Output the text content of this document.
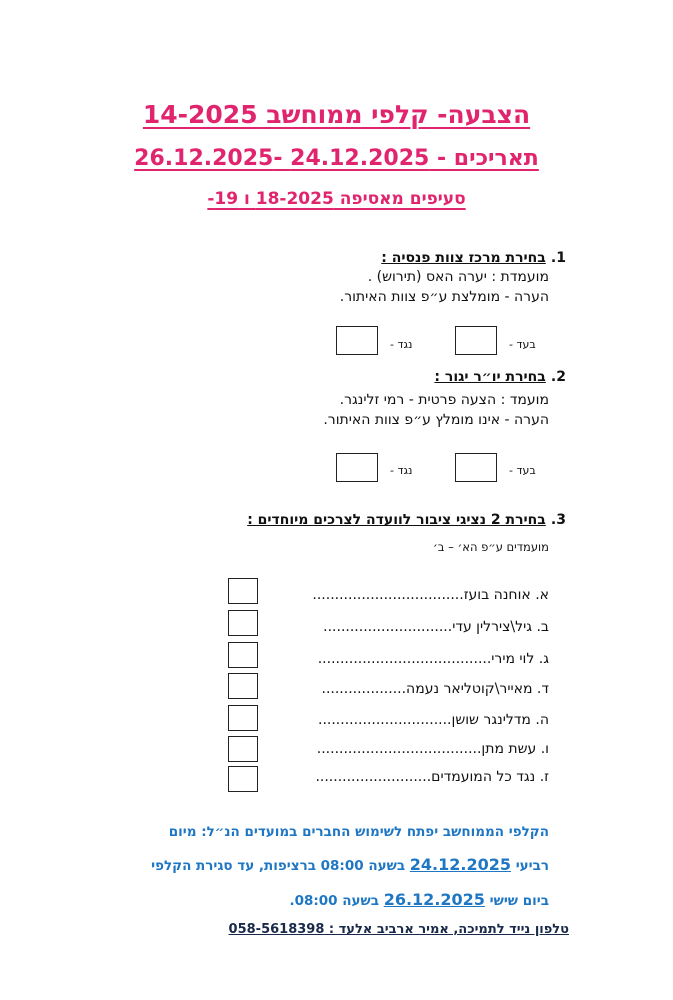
הצבעה- קלפי ממוחשב 14-2025
תאריכים - 24.12.2025 -26.12.2025
סעיפים מאסיפה 18-2025 ו 19-
1. בחירת מרכז צוות פנסיה :
מועמדת : יערה האס (תירוש) .
הערה - מומלצת ע״פ צוות האיתור.
בעד -
נגד -
2. בחירת יו״ר יגור :
מועמד : הצעה פרטית - רמי זלינגר.
הערה - אינו מומלץ ע״פ צוות האיתור.
בעד -
נגד -
3. בחירת 2 נציגי ציבור לוועדה לצרכים מיוחדים :
מועמדים ע״פ הא׳ – ב׳
א. אוחנה בועז..................................
ב. גיל\צירלין עדי.............................
ג. לוי מירי.......................................
ד. מאייר\קוטליאר נעמה...................
ה. מדלינגר שושן..............................
ו. עשת מתן.....................................
ז. נגד כל המועמדים..........................
הקלפי הממוחשב יפתח לשימוש החברים במועדים הנ״ל: מיום
רביעי 24.12.2025 בשעה 08:00 ברציפות, עד סגירת הקלפי
ביום שישי 26.12.2025 בשעה 08:00.
טלפון נייד לתמיכה, אמיר ארביב אלעד : 058-5618398
